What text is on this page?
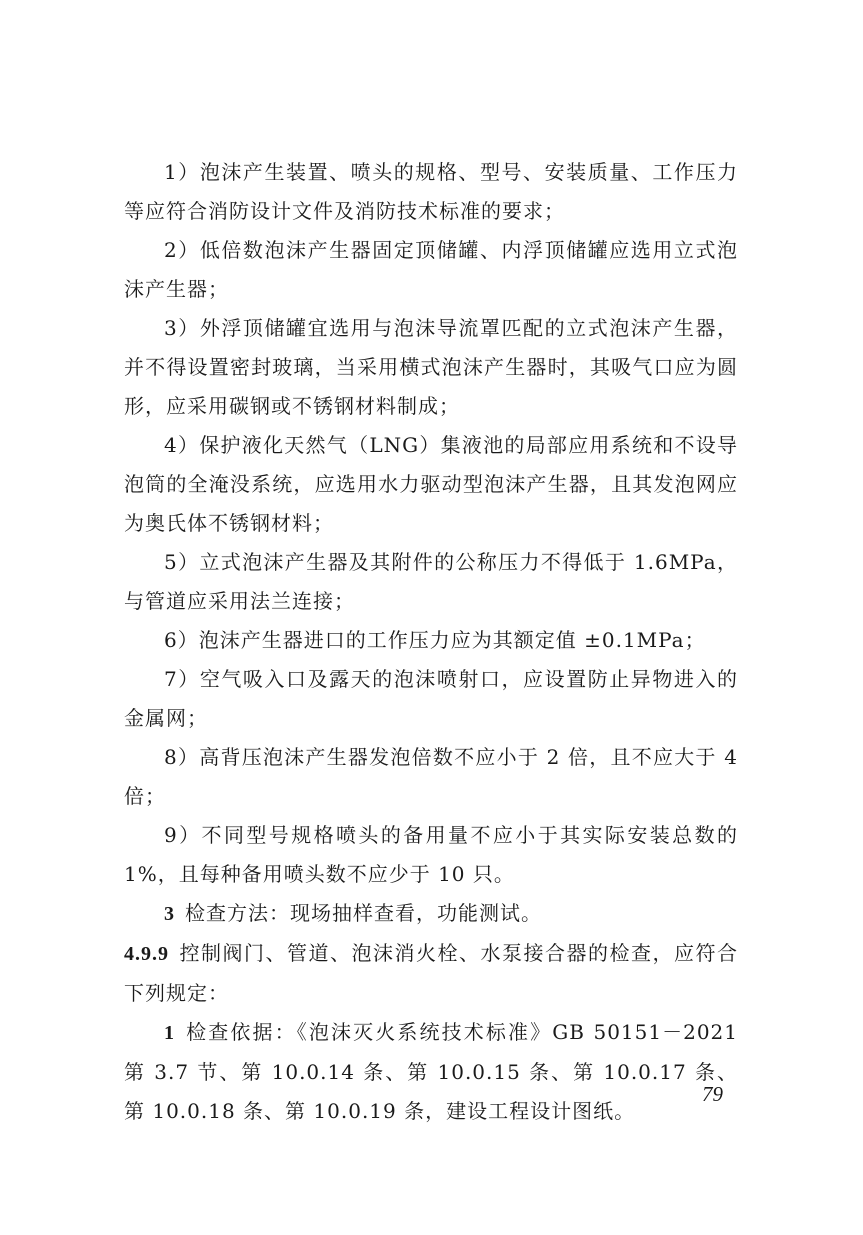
1）泡沫产生装置、喷头的规格、型号、安装质量、工作压力等应符合消防设计文件及消防技术标准的要求；

2）低倍数泡沫产生器固定顶储罐、内浮顶储罐应选用立式泡沫产生器；

3）外浮顶储罐宜选用与泡沫导流罩匹配的立式泡沫产生器，并不得设置密封玻璃，当采用横式泡沫产生器时，其吸气口应为圆形，应采用碳钢或不锈钢材料制成；

4）保护液化天然气（LNG）集液池的局部应用系统和不设导泡筒的全淹没系统，应选用水力驱动型泡沫产生器，且其发泡网应为奥氏体不锈钢材料；

5）立式泡沫产生器及其附件的公称压力不得低于 1.6MPa，与管道应采用法兰连接；

6）泡沫产生器进口的工作压力应为其额定值 ±0.1MPa；

7）空气吸入口及露天的泡沫喷射口，应设置防止异物进入的金属网；

8）高背压泡沫产生器发泡倍数不应小于 2 倍，且不应大于 4 倍；

9）不同型号规格喷头的备用量不应小于其实际安装总数的 1%，且每种备用喷头数不应少于 10 只。

3 检查方法：现场抽样查看，功能测试。

4.9.9 控制阀门、管道、泡沫消火栓、水泵接合器的检查，应符合下列规定：

1 检查依据：《泡沫灭火系统技术标准》GB 50151－2021 第 3.7 节、第 10.0.14 条、第 10.0.15 条、第 10.0.17 条、第 10.0.18 条、第 10.0.19 条，建设工程设计图纸。

79
